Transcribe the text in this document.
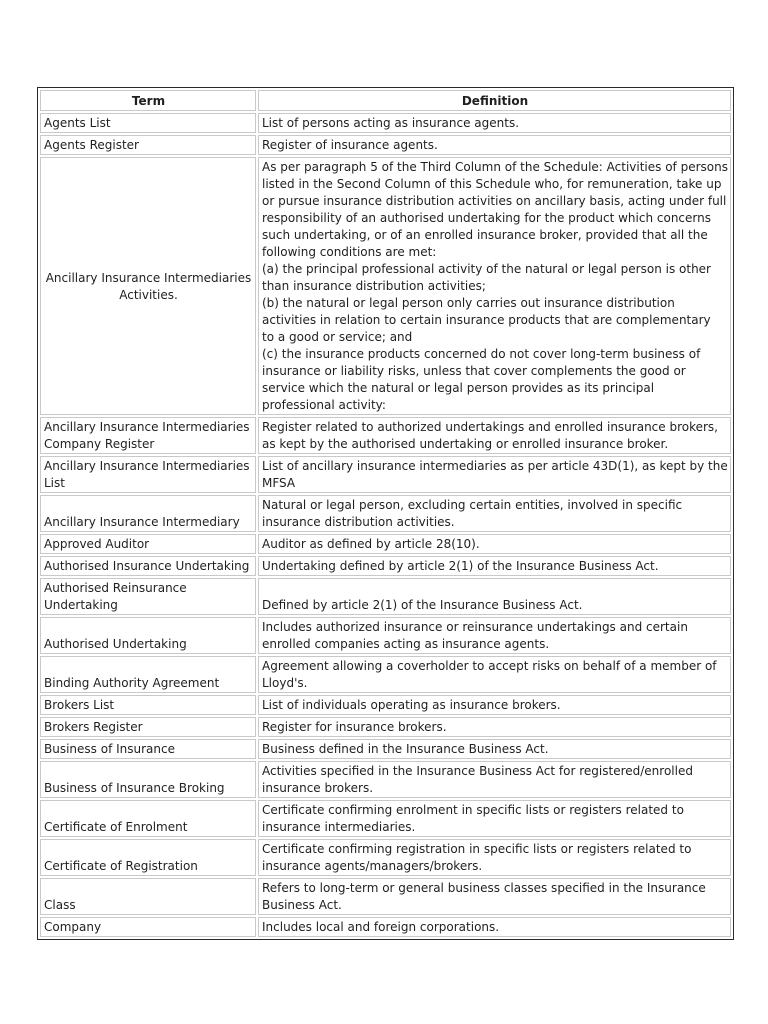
Term	Definition
Agents List	List of persons acting as insurance agents.
Agents Register	Register of insurance agents.
Ancillary Insurance Intermediaries Activities.	As per paragraph 5 of the Third Column of the Schedule: Activities of persons listed in the Second Column of this Schedule who, for remuneration, take up or pursue insurance distribution activities on ancillary basis, acting under full responsibility of an authorised undertaking for the product which concerns such undertaking, or of an enrolled insurance broker, provided that all the following conditions are met:
(a) the principal professional activity of the natural or legal person is other than insurance distribution activities;
(b) the natural or legal person only carries out insurance distribution activities in relation to certain insurance products that are complementary
to a good or service; and
(c) the insurance products concerned do not cover long-term business of insurance or liability risks, unless that cover complements the good or service which the natural or legal person provides as its principal professional activity:

Ancillary Insurance Intermediaries Company Register	Register related to authorized undertakings and enrolled insurance brokers, as kept by the authorised undertaking or enrolled insurance broker.
Ancillary Insurance Intermediaries List	List of ancillary insurance intermediaries as per article 43D(1), as kept by the MFSA
Ancillary Insurance Intermediary	Natural or legal person, excluding certain entities, involved in specific insurance distribution activities.
Approved Auditor	Auditor as defined by article 28(10).
Authorised Insurance Undertaking	Undertaking defined by article 2(1) of the Insurance Business Act.
Authorised Reinsurance Undertaking	Defined by article 2(1) of the Insurance Business Act.
Authorised Undertaking	Includes authorized insurance or reinsurance undertakings and certain enrolled companies acting as insurance agents.
Binding Authority Agreement	Agreement allowing a coverholder to accept risks on behalf of a member of Lloyd's.
Brokers List	List of individuals operating as insurance brokers.
Brokers Register	Register for insurance brokers.
Business of Insurance	Business defined in the Insurance Business Act.
Business of Insurance Broking	Activities specified in the Insurance Business Act for registered/enrolled insurance brokers.
Certificate of Enrolment	Certificate confirming enrolment in specific lists or registers related to insurance intermediaries.
Certificate of Registration	Certificate confirming registration in specific lists or registers related to insurance agents/managers/brokers.
Class	Refers to long-term or general business classes specified in the Insurance Business Act.
Company	Includes local and foreign corporations.
